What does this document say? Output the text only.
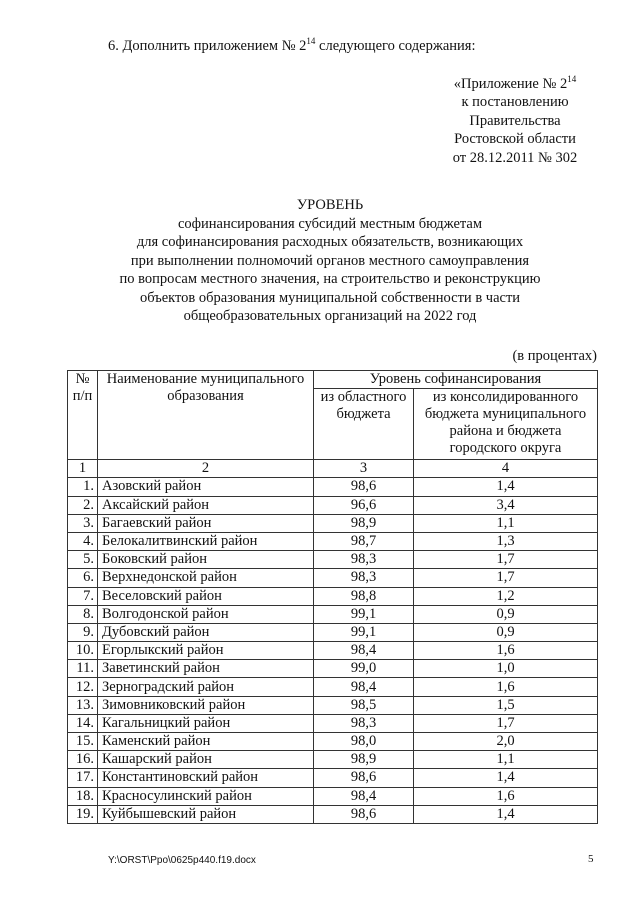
6. Дополнить приложением № $2^{14}$ следующего содержания:
«Приложение № $2^{14}$
к постановлению
Правительства
Ростовской области
от 28.12.2011 № 302
УРОВЕНЬ
софинансирования субсидий местным бюджетам
для софинансирования расходных обязательств, возникающих
при выполнении полномочий органов местного самоуправления
по вопросам местного значения, на строительство и реконструкцию
объектов образования муниципальной собственности в части
общеобразовательных организаций на 2022 год
(в процентах)
№ п/п	Наименование муниципального образования	Уровень софинансирования	
		из областного бюджета	из консолидированного бюджета муниципального района и бюджета городского округа
1	2	3	4
1.	Азовский район	98,6	1,4
2.	Аксайский район	96,6	3,4
3.	Багаевский район	98,9	1,1
4.	Белокалитвинский район	98,7	1,3
5.	Боковский район	98,3	1,7
6.	Верхнедонской район	98,3	1,7
7.	Веселовский район	98,8	1,2
8.	Волгодонской район	99,1	0,9
9.	Дубовский район	99,1	0,9
10.	Егорлыкский район	98,4	1,6
11.	Заветинский район	99,0	1,0
12.	Зерноградский район	98,4	1,6
13.	Зимовниковский район	98,5	1,5
14.	Кагальницкий район	98,3	1,7
15.	Каменский район	98,0	2,0
16.	Кашарский район	98,9	1,1
17.	Константиновский район	98,6	1,4
18.	Красносулинский район	98,4	1,6
19.	Куйбышевский район	98,6	1,4
Y:\ORST\Ppo\0625p440.f19.docx	5
